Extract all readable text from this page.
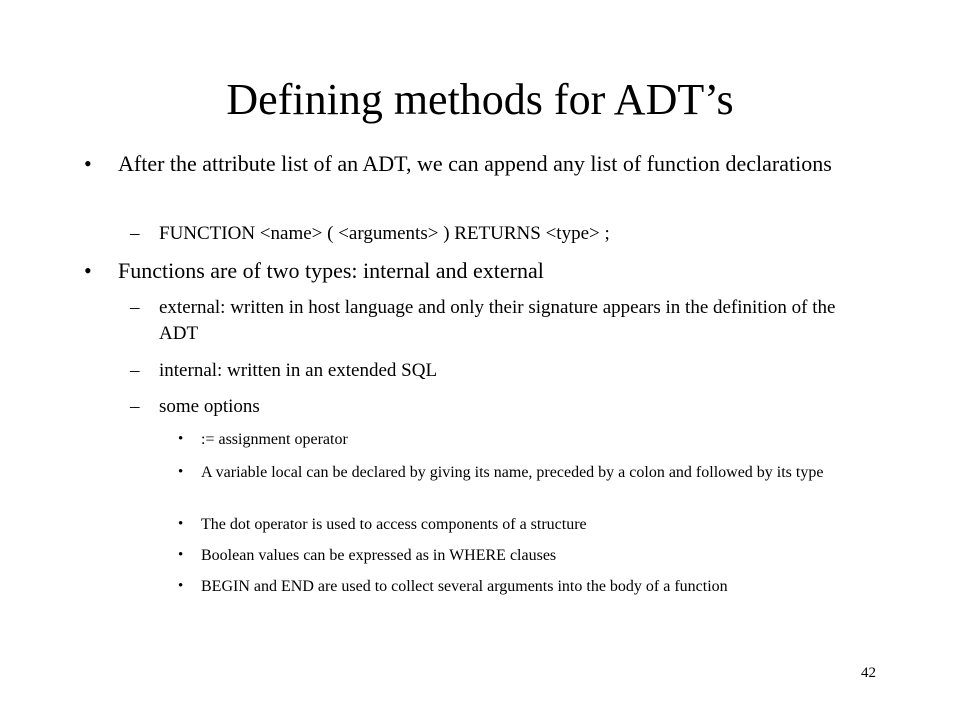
Defining methods for ADT’s
• After the attribute list of an ADT, we can append any list of function declarations

– FUNCTION <name> ( <arguments> ) RETURNS <type> ;

• Functions are of two types: internal and external

– external: written in host language and only their signature appears in the definition of the ADT

– internal: written in an extended SQL

– some options

• := assignment operator

• A variable local can be declared by giving its name, preceded by a colon and followed by its type

• The dot operator is used to access components of a structure

• Boolean values can be expressed as in WHERE clauses

• BEGIN and END are used to collect several arguments into the body of a function

42
